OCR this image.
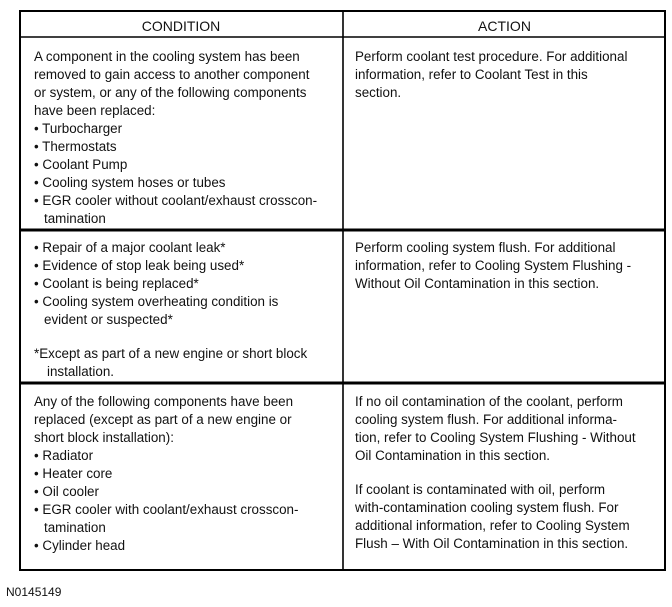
CONDITION	ACTION
A component in the cooling system has been
removed to gain access to another component
or system, or any of the following components
have been replaced:
• Turbocharger
• Thermostats
• Coolant Pump
• Cooling system hoses or tubes
• EGR cooler without coolant/exhaust crosscon-
tamination
Perform coolant test procedure. For additional
information, refer to Coolant Test in this
section.
• Repair of a major coolant leak*
• Evidence of stop leak being used*
• Coolant is being replaced*
• Cooling system overheating condition is
evident or suspected*
*Except as part of a new engine or short block
installation.
Perform cooling system flush. For additional
information, refer to Cooling System Flushing -
Without Oil Contamination in this section.
Any of the following components have been
replaced (except as part of a new engine or
short block installation):
• Radiator
• Heater core
• Oil cooler
• EGR cooler with coolant/exhaust crosscon-
tamination
• Cylinder head
If no oil contamination of the coolant, perform
cooling system flush. For additional informa-
tion, refer to Cooling System Flushing - Without
Oil Contamination in this section.
If coolant is contaminated with oil, perform
with-contamination cooling system flush. For
additional information, refer to Cooling System
Flush – With Oil Contamination in this section.
N0145149
